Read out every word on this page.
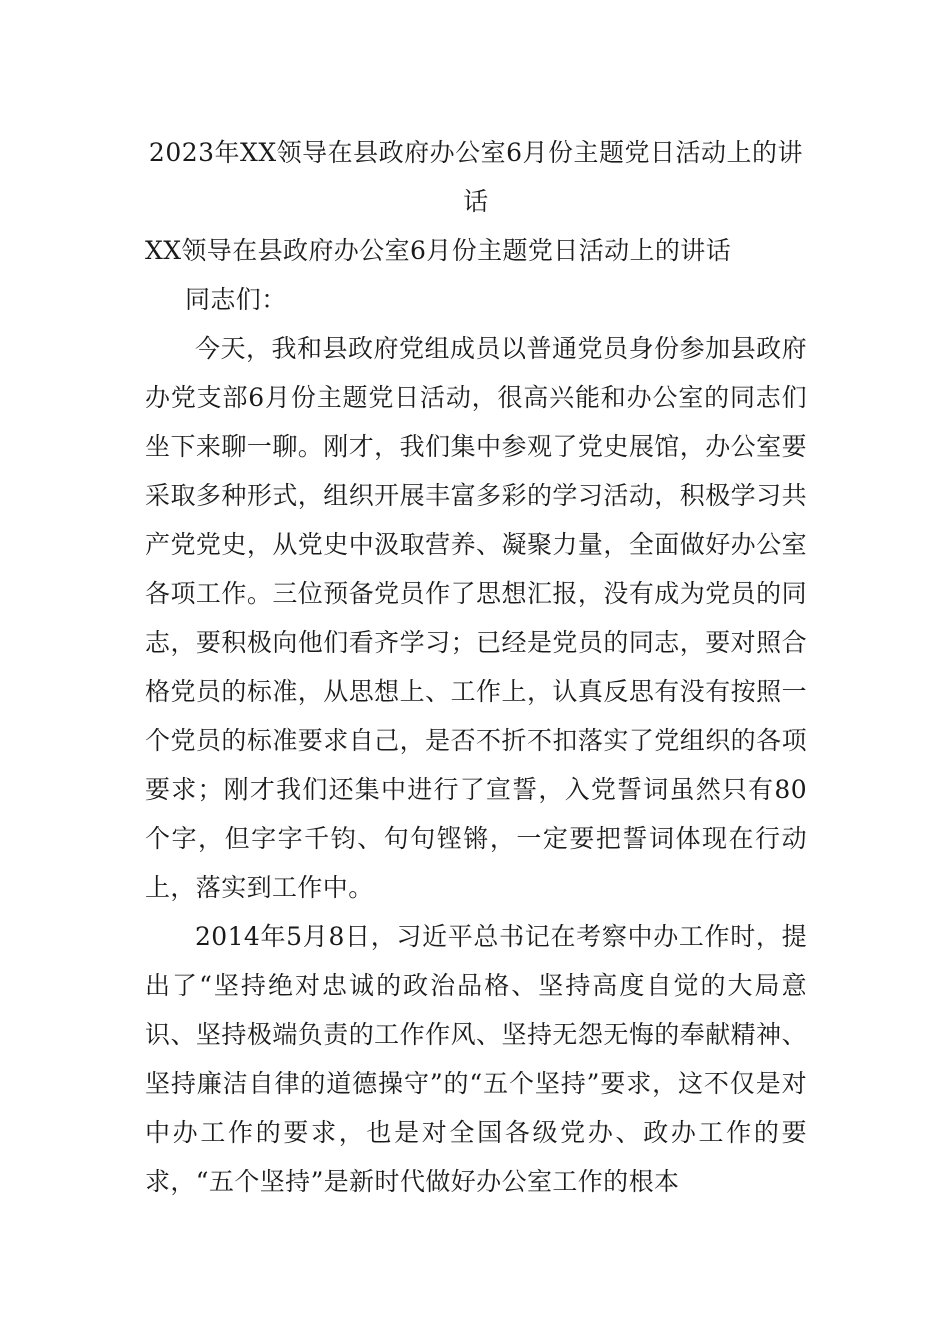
2023年XX领导在县政府办公室6月份主题党日活动上的讲话

XX领导在县政府办公室6月份主题党日活动上的讲话

同志们：

今天，我和县政府党组成员以普通党员身份参加县政府办党支部6月份主题党日活动，很高兴能和办公室的同志们坐下来聊一聊。刚才，我们集中参观了党史展馆，办公室要采取多种形式，组织开展丰富多彩的学习活动，积极学习共产党党史，从党史中汲取营养、凝聚力量，全面做好办公室各项工作。三位预备党员作了思想汇报，没有成为党员的同志，要积极向他们看齐学习；已经是党员的同志，要对照合格党员的标准，从思想上、工作上，认真反思有没有按照一个党员的标准要求自己，是否不折不扣落实了党组织的各项要求；刚才我们还集中进行了宣誓，入党誓词虽然只有80个字，但字字千钧、句句铿锵，一定要把誓词体现在行动上，落实到工作中。

2014年5月8日，习近平总书记在考察中办工作时，提出了“坚持绝对忠诚的政治品格、坚持高度自觉的大局意识、坚持极端负责的工作作风、坚持无怨无悔的奉献精神、坚持廉洁自律的道德操守”的“五个坚持”要求，这不仅是对中办工作的要求，也是对全国各级党办、政办工作的要求，“五个坚持”是新时代做好办公室工作的根本
